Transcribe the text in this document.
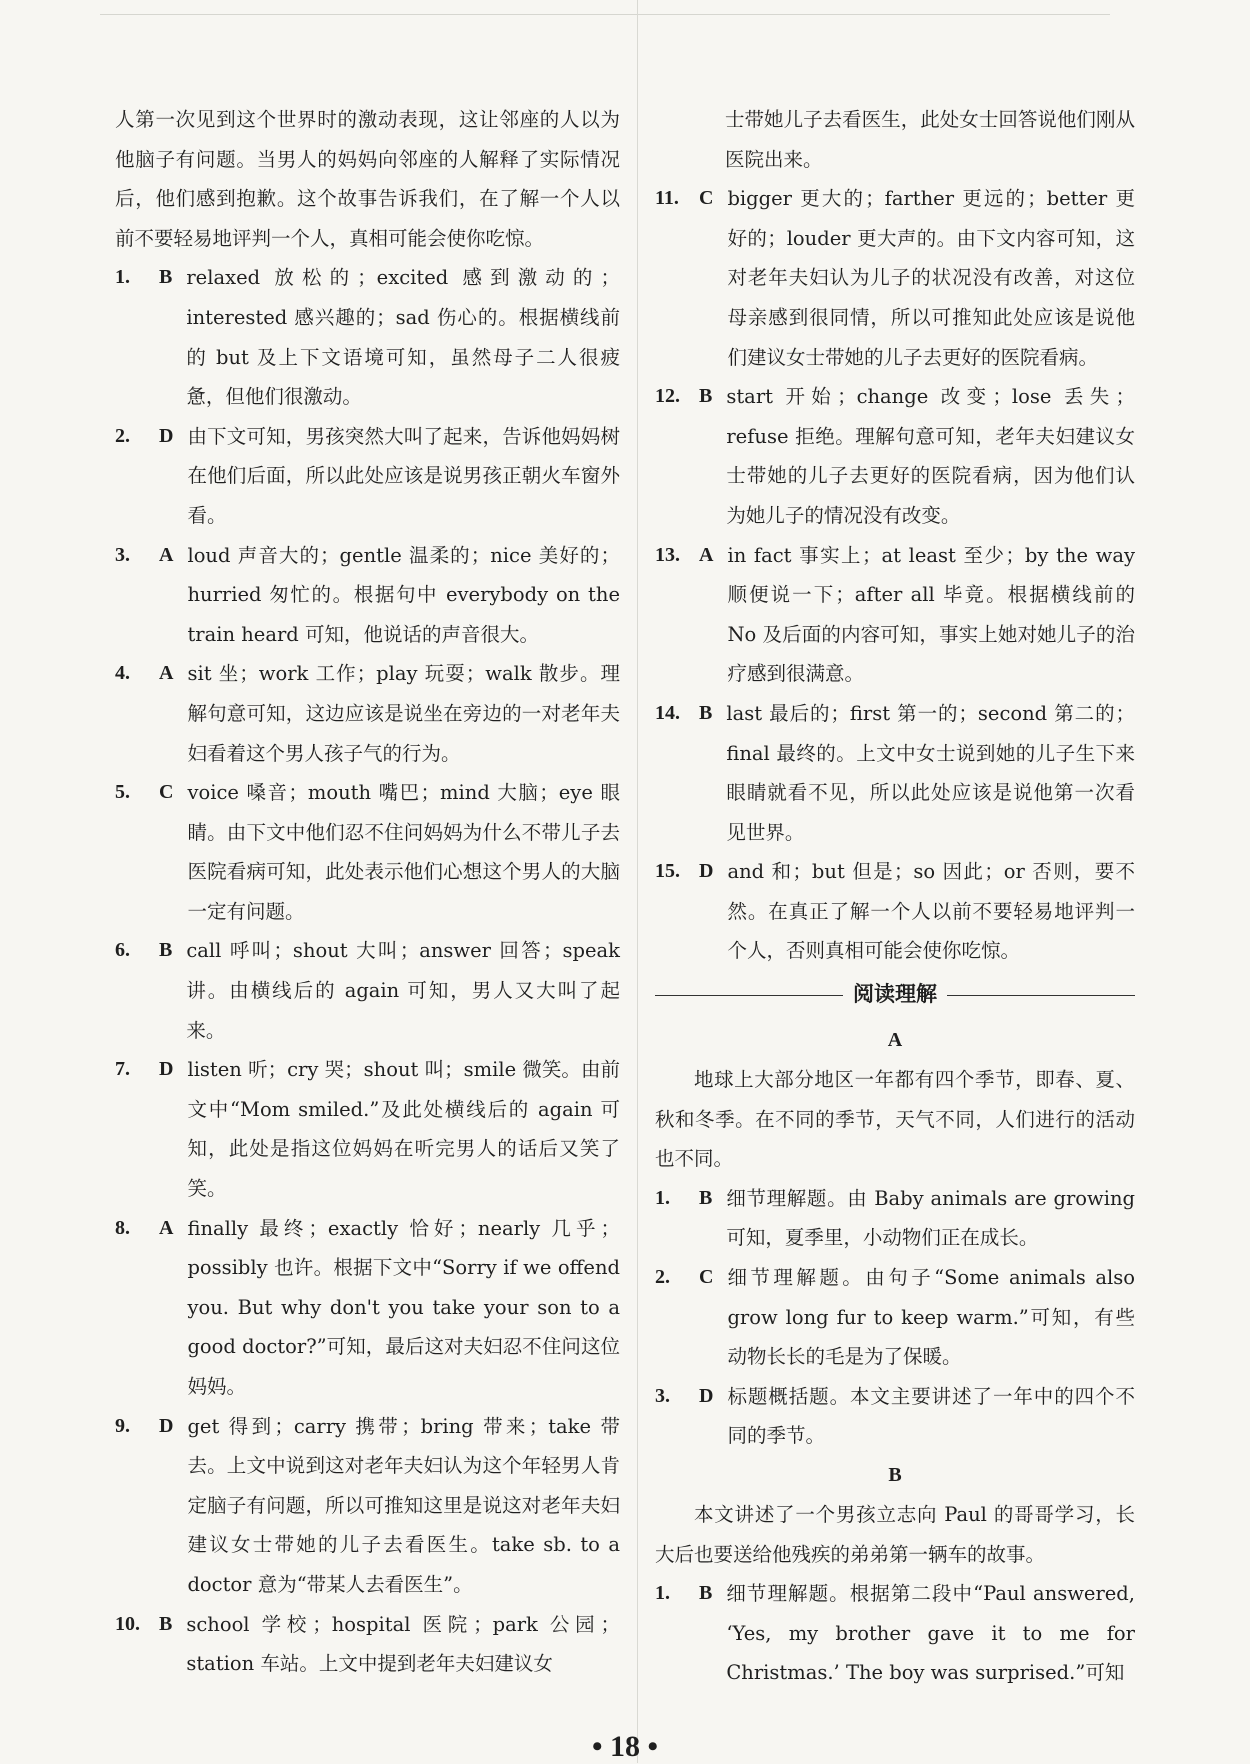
人第一次见到这个世界时的激动表现，这让邻座的人以为他脑子有问题。当男人的妈妈向邻座的人解释了实际情况后，他们感到抱歉。这个故事告诉我们，在了解一个人以前不要轻易地评判一个人，真相可能会使你吃惊。

1.	B relaxed 放松的；excited 感到激动的；interested 感兴趣的；sad 伤心的。根据横线前的 but 及上下文语境可知，虽然母子二人很疲惫，但他们很激动。
2.	D 由下文可知，男孩突然大叫了起来，告诉他妈妈树在他们后面，所以此处应该是说男孩正朝火车窗外看。
3.	A loud 声音大的；gentle 温柔的；nice 美好的；hurried 匆忙的。根据句中 everybody on the train heard 可知，他说话的声音很大。
4.	A sit 坐；work 工作；play 玩耍；walk 散步。理解句意可知，这边应该是说坐在旁边的一对老年夫妇看着这个男人孩子气的行为。
5.	C voice 嗓音；mouth 嘴巴；mind 大脑；eye 眼睛。由下文中他们忍不住问妈妈为什么不带儿子去医院看病可知，此处表示他们心想这个男人的大脑一定有问题。
6.	B call 呼叫；shout 大叫；answer 回答；speak 讲。由横线后的 again 可知，男人又大叫了起来。
7.	D listen 听；cry 哭；shout 叫；smile 微笑。由前文中“Mom smiled.”及此处横线后的 again 可知，此处是指这位妈妈在听完男人的话后又笑了笑。
8.	A finally 最终；exactly 恰好；nearly 几乎；possibly 也许。根据下文中“Sorry if we offend you. But why don't you take your son to a good doctor?”可知，最后这对夫妇忍不住问这位妈妈。
9.	D get 得到；carry 携带；bring 带来；take 带去。上文中说到这对老年夫妇认为这个年轻男人肯定脑子有问题，所以可推知这里是说这对老年夫妇建议女士带她的儿子去看医生。take sb. to a doctor 意为“带某人去看医生”。
10. B school 学校；hospital 医院；park 公园；station 车站。上文中提到老年夫妇建议女
士带她儿子去看医生，此处女士回答说他们刚从医院出来。
11.	C bigger 更大的；farther 更远的；better 更好的；louder 更大声的。由下文内容可知，这对老年夫妇认为儿子的状况没有改善，对这位母亲感到很同情，所以可推知此处应该是说他们建议女士带她的儿子去更好的医院看病。
12. B start 开始；change 改变；lose 丢失；refuse 拒绝。理解句意可知，老年夫妇建议女士带她的儿子去更好的医院看病，因为他们认为她儿子的情况没有改变。
13. A in fact 事实上；at least 至少；by the way 顺便说一下；after all 毕竟。根据横线前的 No 及后面的内容可知，事实上她对她儿子的治疗感到很满意。
14. B last 最后的；first 第一的；second 第二的；final 最终的。上文中女士说到她的儿子生下来眼睛就看不见，所以此处应该是说他第一次看见世界。
15. D and 和；but 但是；so 因此；or 否则，要不然。在真正了解一个人以前不要轻易地评判一个人，否则真相可能会使你吃惊。
阅读理解
A

地球上大部分地区一年都有四个季节，即春、夏、秋和冬季。在不同的季节，天气不同，人们进行的活动也不同。

1.	B 细节理解题。由 Baby animals are growing 可知，夏季里，小动物们正在成长。
2.	C 细节理解题。由句子“Some animals also grow long fur to keep warm.”可知，有些动物长长的毛是为了保暖。
3.	D 标题概括题。本文主要讲述了一年中的四个不同的季节。
B

本文讲述了一个男孩立志向 Paul 的哥哥学习，长大后也要送给他残疾的弟弟第一辆车的故事。

1.	B 细节理解题。根据第二段中“Paul answered, ‘Yes, my brother gave it to me for Christmas.’ The boy was surprised.”可知
• 18 •
